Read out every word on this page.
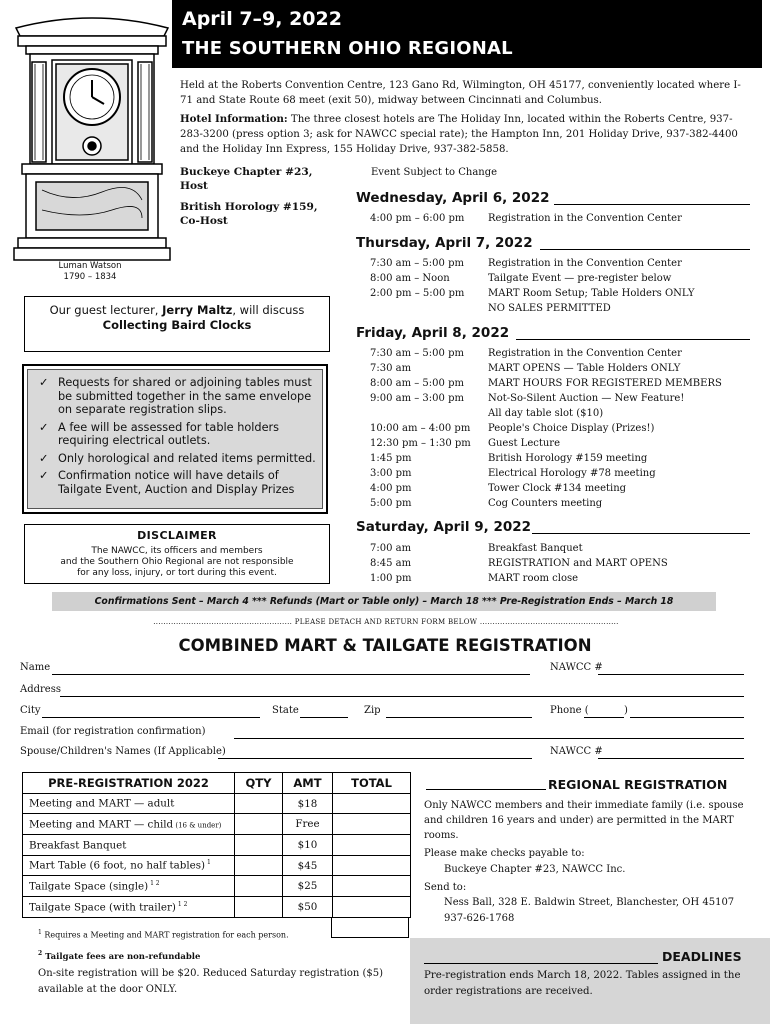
Luman Watson
1790 – 1834
April 7–9, 2022
THE SOUTHERN OHIO REGIONAL
Held at the Roberts Convention Centre, 123 Gano Rd, Wilmington, OH 45177, conveniently located where I-71 and State Route 68 meet (exit 50), midway between Cincinnati and Columbus.
Hotel Information: The three closest hotels are The Holiday Inn, located within the Roberts Centre, 937-283-3200 (press option 3; ask for NAWCC special rate); the Hampton Inn, 201 Holiday Drive, 937-382-4400 and the Holiday Inn Express, 155 Holiday Drive, 937-382-5858.
Buckeye Chapter #23,
Host
British Horology #159,
Co-Host
Event Subject to Change
Wednesday, April 6, 2022
4:00 pm – 6:00 pm Registration in the Convention Center
Thursday, April 7, 2022
7:30 am – 5:00 pm Registration in the Convention Center
8:00 am – Noon	Tailgate Event — pre-register below
2:00 pm – 5:00 pm MART Room Setup; Table Holders ONLY
NO SALES PERMITTED
Friday, April 8, 2022
7:30 am – 5:00 pm Registration in the Convention Center
7:30 am	MART OPENS — Table Holders ONLY
8:00 am – 5:00 pm MART HOURS FOR REGISTERED MEMBERS
9:00 am – 3:00 pm Not-So-Silent Auction — New Feature!
All day table slot ($10)
10:00 am – 4:00 pm People's Choice Display (Prizes!)
12:30 pm – 1:30 pm Guest Lecture
1:45 pm	British Horology #159 meeting
3:00 pm	Electrical Horology #78 meeting
4:00 pm	Tower Clock #134 meeting
5:00 pm	Cog Counters meeting
Saturday, April 9, 2022
7:00 am	Breakfast Banquet
8:45 am	REGISTRATION and MART OPENS
1:00 pm	MART room close
Our guest lecturer, Jerry Maltz, will discuss
Collecting Baird Clocks
✓ Requests for shared or adjoining tables must be submitted together in the same envelope on separate registration slips.
✓ A fee will be assessed for table holders requiring electrical outlets.
✓ Only horological and related items permitted.
✓ Confirmation notice will have details of Tailgate Event, Auction and Display Prizes
DISCLAIMER
The NAWCC, its officers and members
and the Southern Ohio Regional are not responsible
for any loss, injury, or tort during this event.
Confirmations Sent – March 4 *** Refunds (Mart or Table only) – March 18 *** Pre-Registration Ends – March 18
....................................................... PLEASE DETACH AND RETURN FORM BELOW .......................................................
COMBINED MART & TAILGATE REGISTRATION
Name	NAWCC #
Address
City	State	Zip	Phone (	)
Email (for registration confirmation)
Spouse/Children's Names (If Applicable)	NAWCC #
PRE-REGISTRATION 2022	QTY	AMT	TOTAL
Meeting and MART — adult		$18	
Meeting and MART — child (16 & under)		Free	
Breakfast Banquet		$10	
Mart Table (6 foot, no half tables) $^1$		$45	
Tailgate Space (single) $^{1 2}$		$25	
Tailgate Space (with trailer) $^{1 2}$		$50	
$^1$ Requires a Meeting and MART registration for each person.
$^2$ Tailgate fees are non-refundable
On-site registration will be $20. Reduced Saturday registration ($5) available at the door ONLY.
REGIONAL REGISTRATION
Only NAWCC members and their immediate family (i.e. spouse and children 16 years and under) are permitted in the MART rooms.
Please make checks payable to:
Buckeye Chapter #23, NAWCC Inc.
Send to:
Ness Ball, 328 E. Baldwin Street, Blanchester, OH 45107
937-626-1768
DEADLINES
Pre-registration ends March 18, 2022. Tables assigned in the order registrations are received.
